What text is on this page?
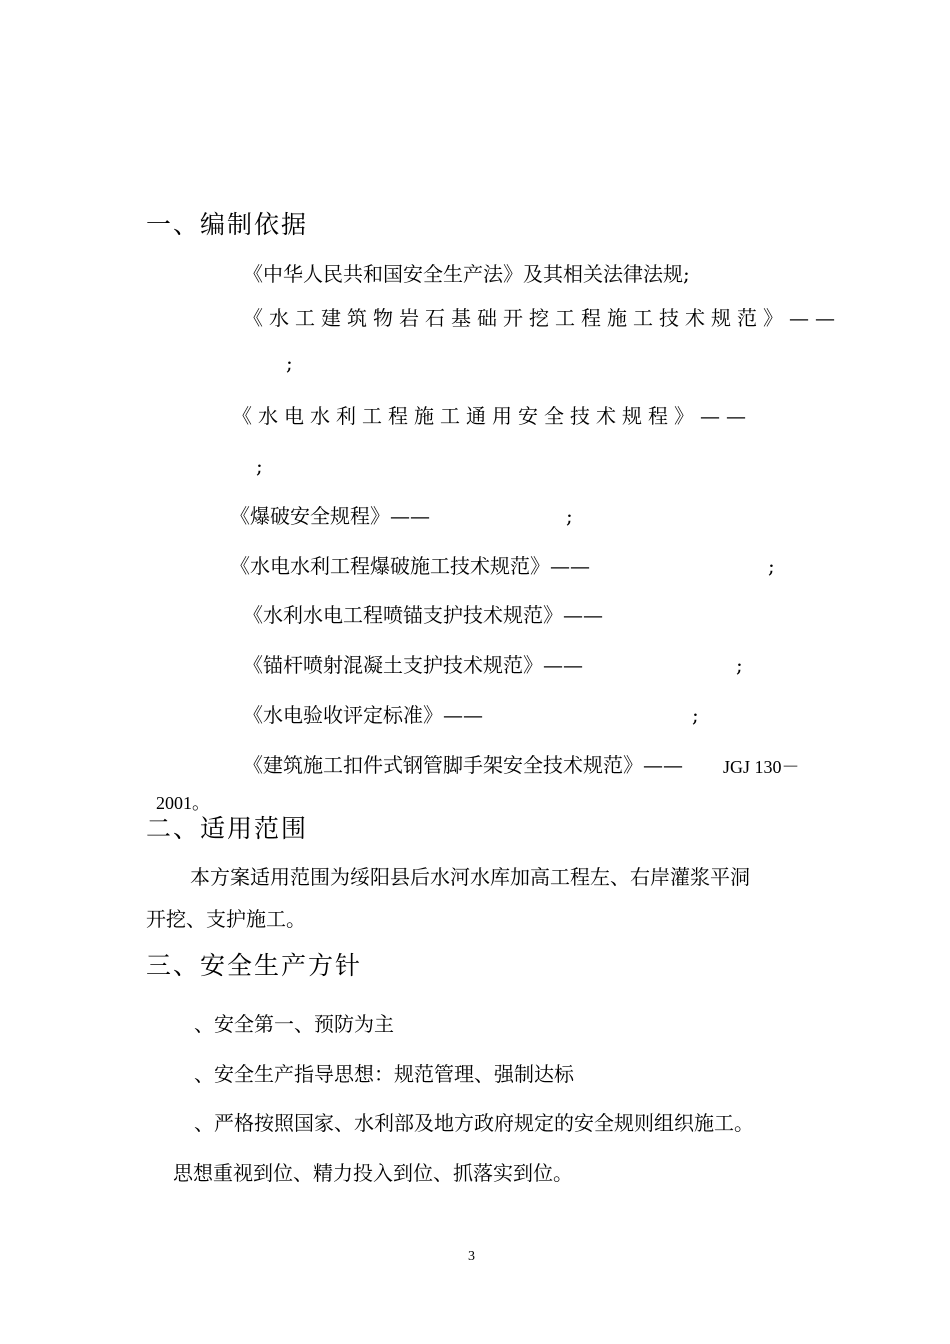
一、编制依据
《中华人民共和国安全生产法》及其相关法律法规;
《水工建筑物岩石基础开挖工程施工技术规范》——
;
《水电水利工程施工通用安全技术规程》——
;
《爆破安全规程》——	;
《水电水利工程爆破施工技术规范》——	;
《水利水电工程喷锚支护技术规范》——
《锚杆喷射混凝土支护技术规范》——	;
《水电验收评定标准》——	;
《建筑施工扣件式钢管脚手架安全技术规范》—— JGJ 130－
2001。
二、适用范围
本方案适用范围为绥阳县后水河水库加高工程左、右岸灌浆平洞
开挖、支护施工。
三、安全生产方针
、安全第一、预防为主
、安全生产指导思想：规范管理、强制达标
、严格按照国家、水利部及地方政府规定的安全规则组织施工。
思想重视到位、精力投入到位、抓落实到位。
3
